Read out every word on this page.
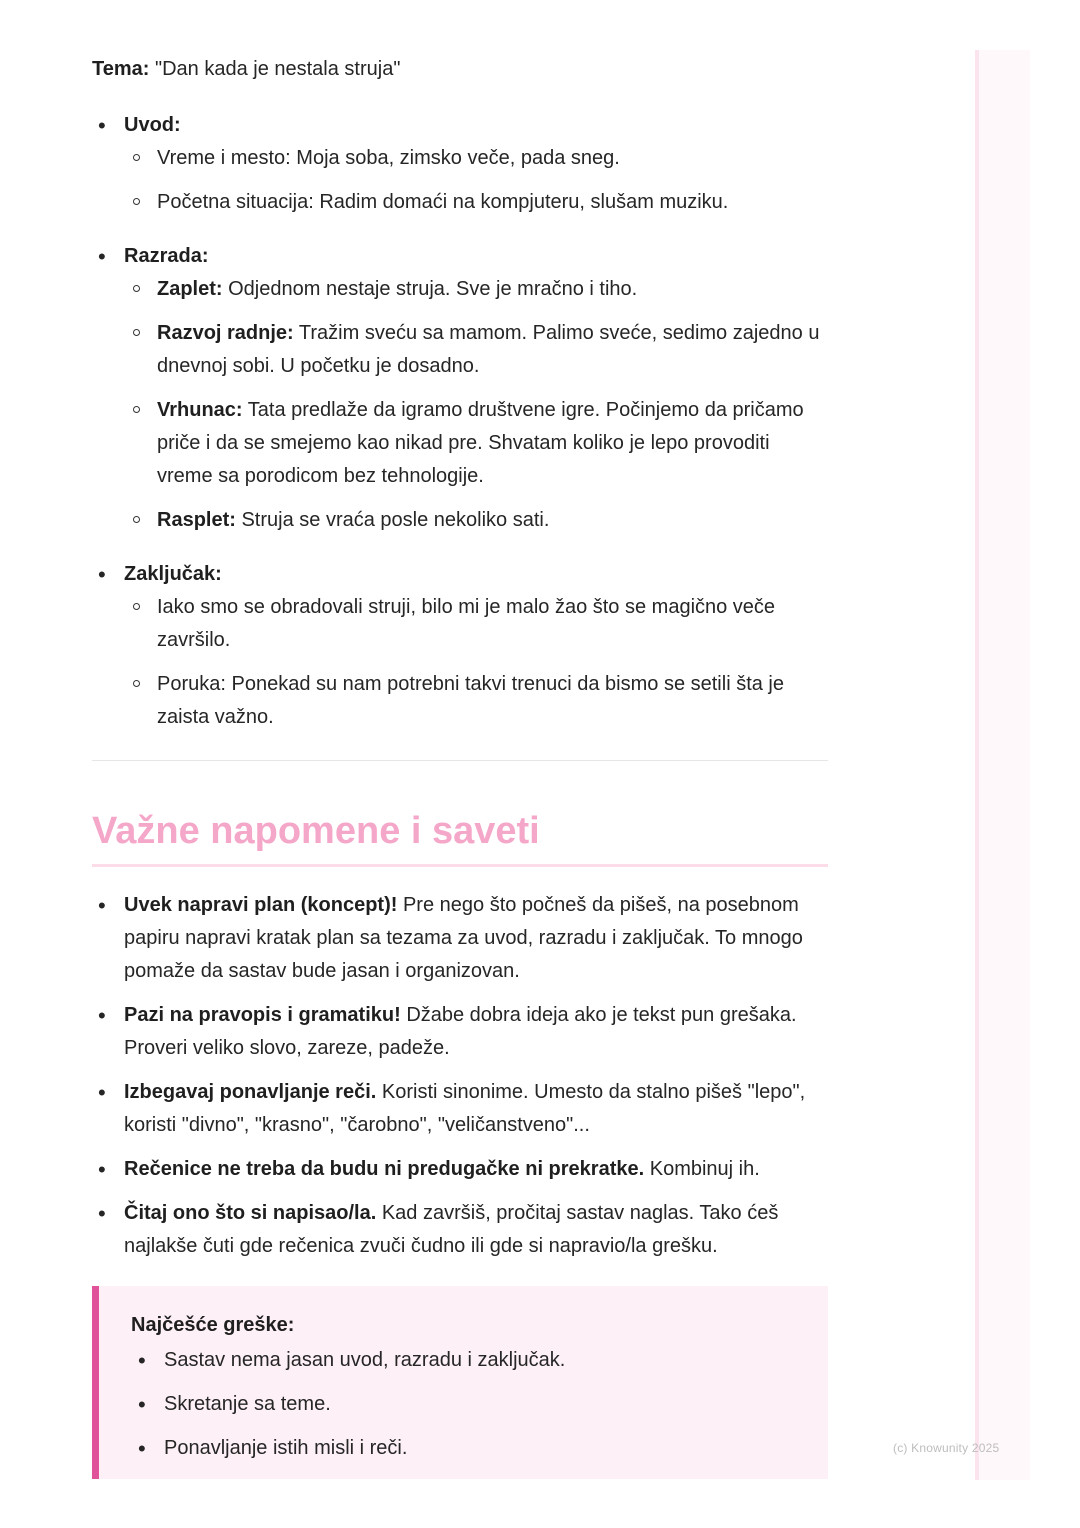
Tema: "Dan kada je nestala struja"
• Uvod:
Vreme i mesto: Moja soba, zimsko veče, pada sneg.
Početna situacija: Radim domaći na kompjuteru, slušam muziku.
• Razrada:
Zaplet: Odjednom nestaje struja. Sve je mračno i tiho.
Razvoj radnje: Tražim sveću sa mamom. Palimo sveće, sedimo zajedno u dnevnoj sobi. U početku je dosadno.
Vrhunac: Tata predlaže da igramo društvene igre. Počinjemo da pričamo priče i da se smejemo kao nikad pre. Shvatam koliko je lepo provoditi vreme sa porodicom bez tehnologije.
Rasplet: Struja se vraća posle nekoliko sati.
• Zaključak:
Iako smo se obradovali struji, bilo mi je malo žao što se magično veče završilo.
Poruka: Ponekad su nam potrebni takvi trenuci da bismo se setili šta je zaista važno.
Važne napomene i saveti
• Uvek napravi plan (koncept)! Pre nego što počneš da pišeš, na posebnom papiru napravi kratak plan sa tezama za uvod, razradu i zaključak. To mnogo pomaže da sastav bude jasan i organizovan.
• Pazi na pravopis i gramatiku! Džabe dobra ideja ako je tekst pun grešaka. Proveri veliko slovo, zareze, padeže.
• Izbegavaj ponavljanje reči. Koristi sinonime. Umesto da stalno pišeš "lepo", koristi "divno", "krasno", "čarobno", "veličanstveno"...
• Rečenice ne treba da budu ni predugačke ni prekratke. Kombinuj ih.
• Čitaj ono što si napisao/la. Kad završiš, pročitaj sastav naglas. Tako ćeš najlakše čuti gde rečenica zvuči čudno ili gde si napravio/la grešku.
Najčešće greške:
• Sastav nema jasan uvod, razradu i zaključak.
• Skretanje sa teme.
• Ponavljanje istih misli i reči.	(c) Knowunity 2025
